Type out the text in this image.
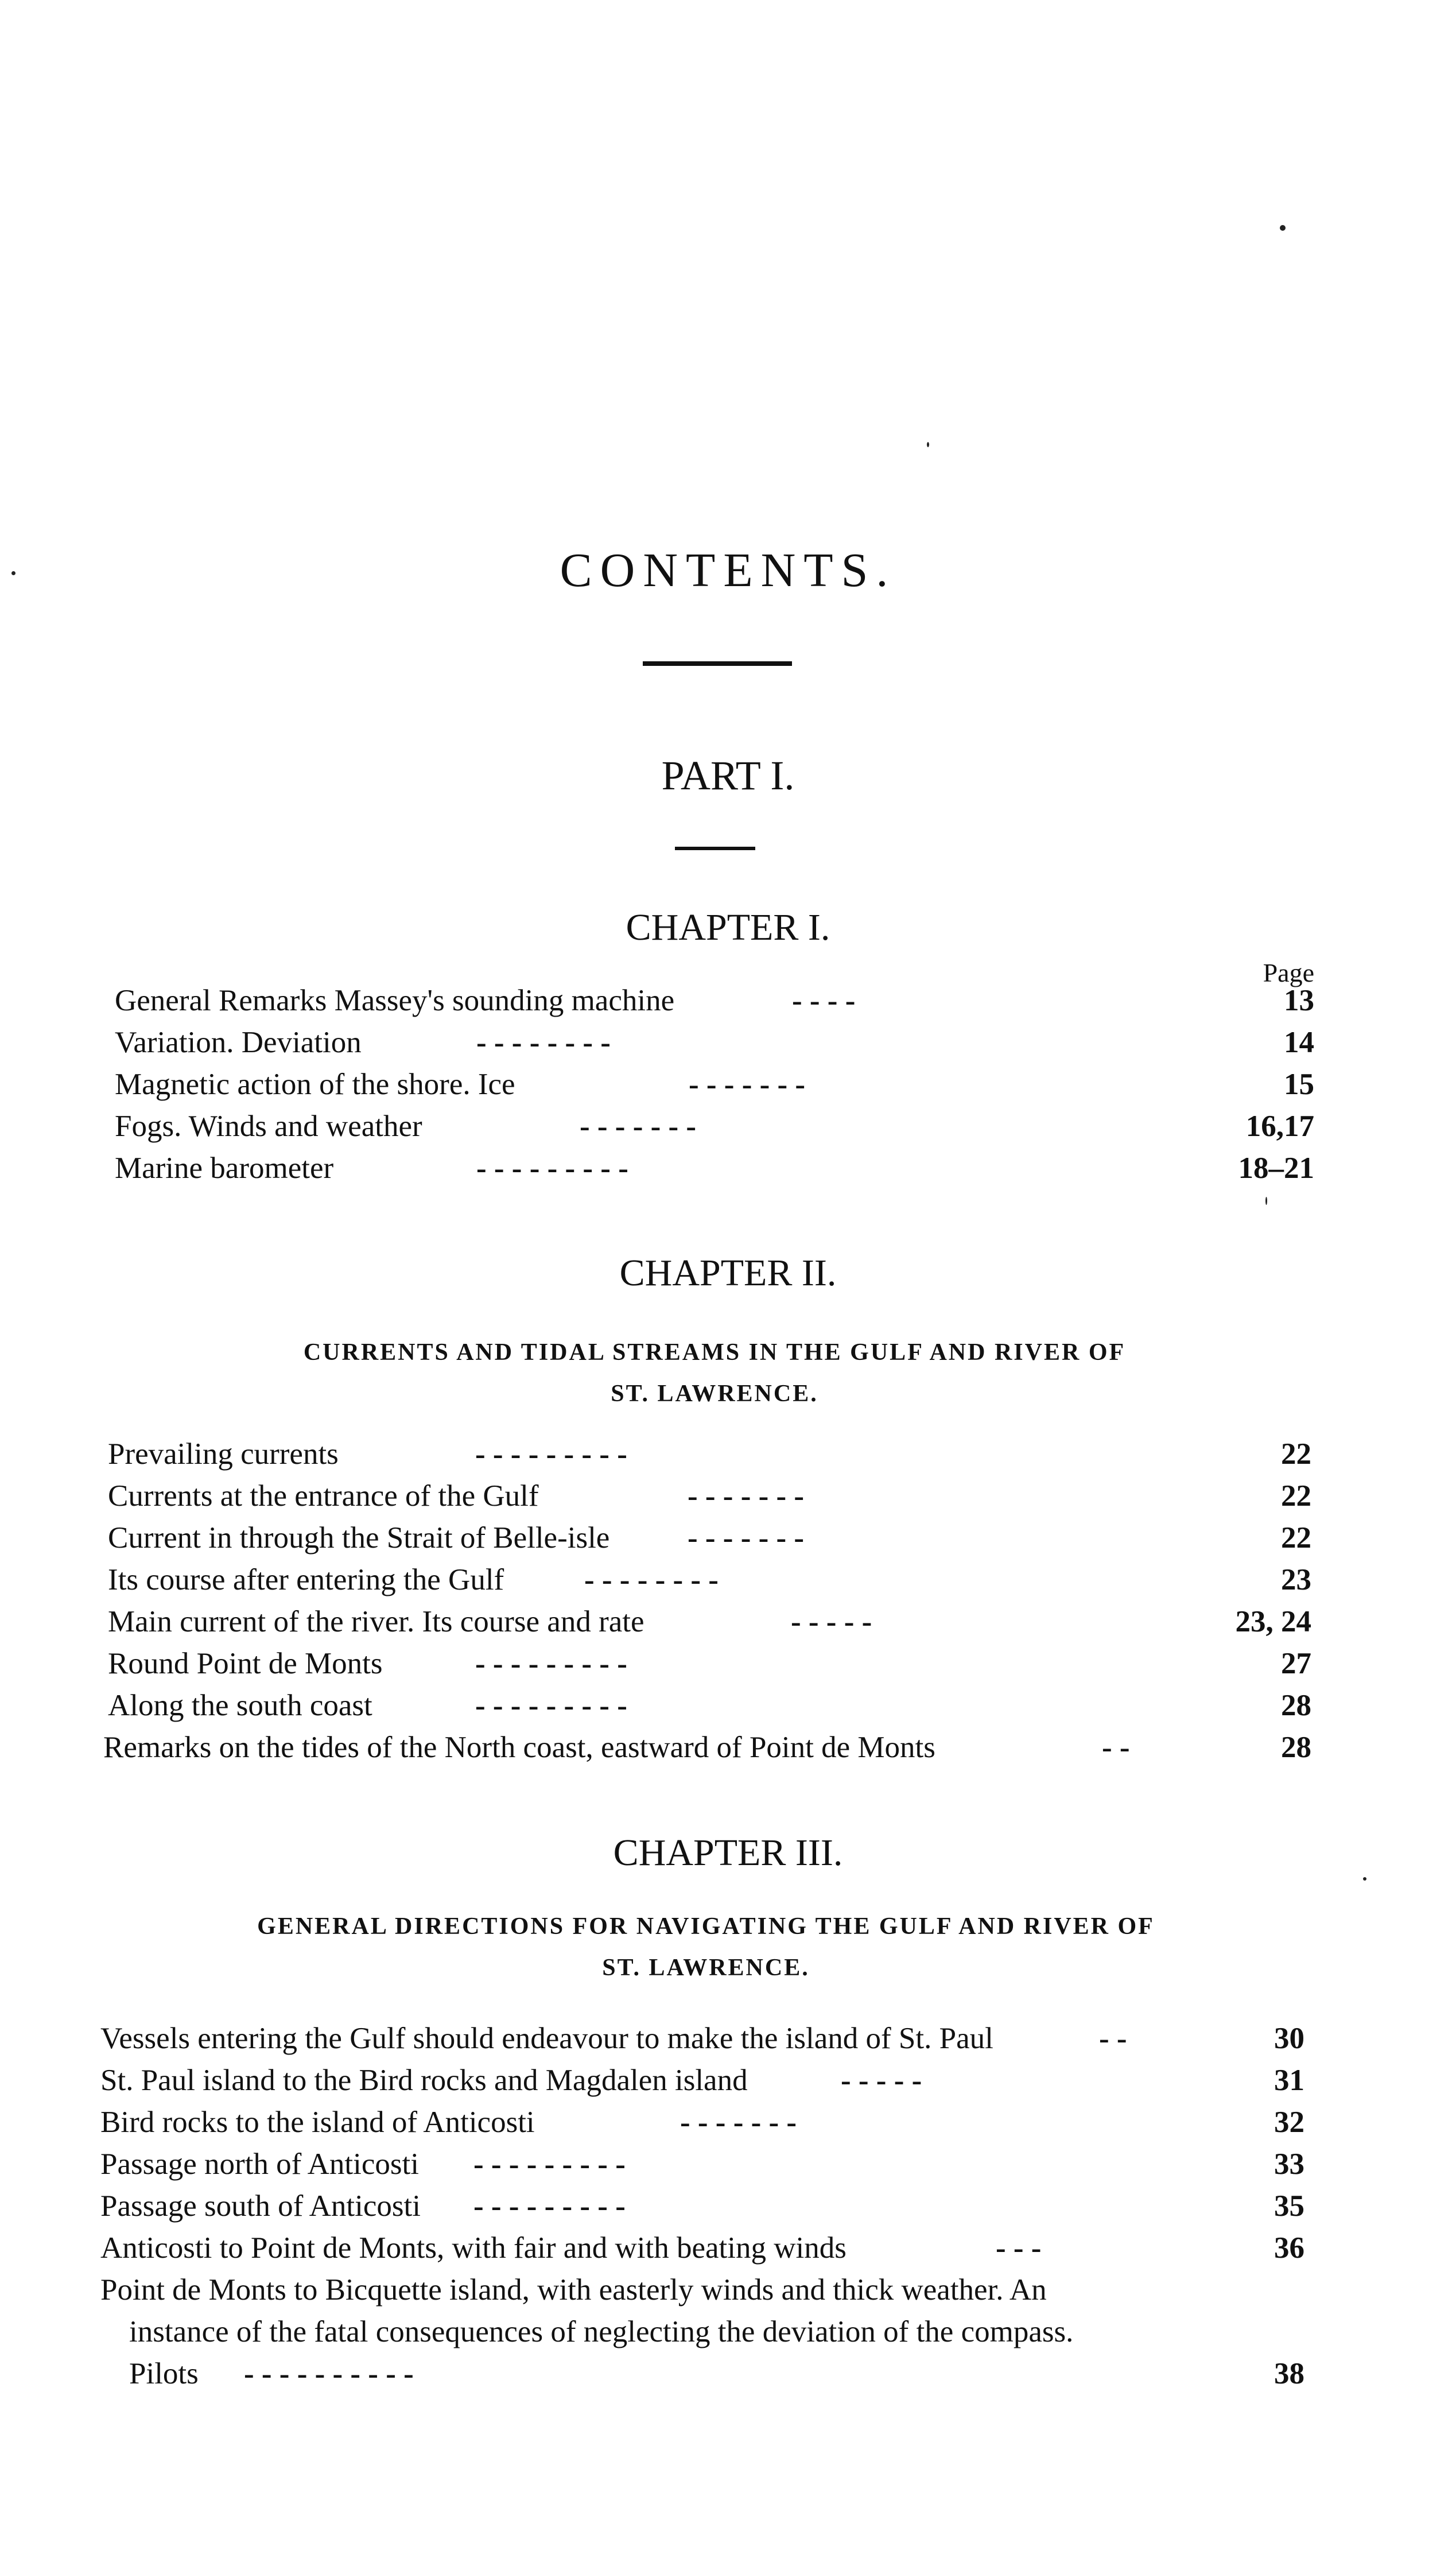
CONTENTS.
PART I.
CHAPTER I.
Page
General Remarks Massey's sounding machine	- - - -	13
Variation. Deviation	- - - - - - - -	14
Magnetic action of the shore. Ice	- - - - - - -	15
Fogs. Winds and weather	- - - - - - -	16,17
Marine barometer	- - - - - - - - -	18–21
CHAPTER II.
CURRENTS AND TIDAL STREAMS IN THE GULF AND RIVER OF
ST. LAWRENCE.
Prevailing currents	- - - - - - - - -	22
Currents at the entrance of the Gulf	- - - - - - -	22
Current in through the Strait of Belle-isle	- - - - - - -	22
Its course after entering the Gulf	- - - - - - - -	23
Main current of the river. Its course and rate	- - - - -	23, 24
Round Point de Monts	- - - - - - - - -	27
Along the south coast	- - - - - - - - -	28
Remarks on the tides of the North coast, eastward of Point de Monts	- -	28
CHAPTER III.
GENERAL DIRECTIONS FOR NAVIGATING THE GULF AND RIVER OF
ST. LAWRENCE.
Vessels entering the Gulf should endeavour to make the island of St. Paul	- -	30
St. Paul island to the Bird rocks and Magdalen island	- - - - -	31
Bird rocks to the island of Anticosti	- - - - - - -	32
Passage north of Anticosti - - - - - - - - -	33
Passage south of Anticosti - - - - - - - - -	35
Anticosti to Point de Monts, with fair and with beating winds	- - -	36
Point de Monts to Bicquette island, with easterly winds and thick weather. An
instance of the fatal consequences of neglecting the deviation of the compass.
Pilots - - - - - - - - - -	38
